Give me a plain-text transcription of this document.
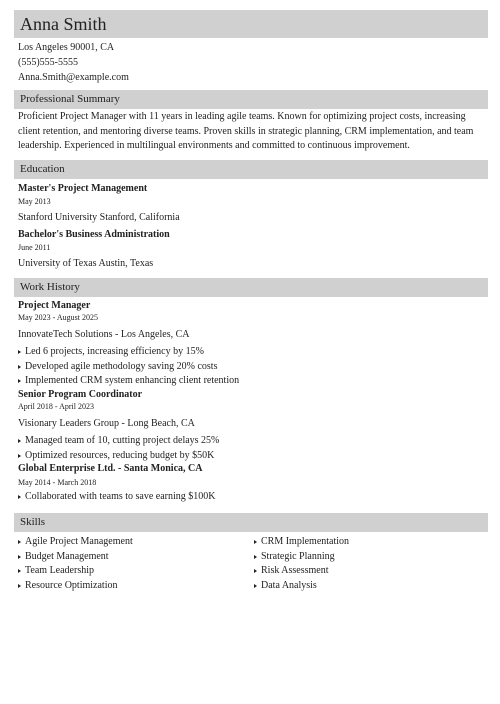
Anna Smith
Los Angeles 90001, CA
(555)555-5555
Anna.Smith@example.com
Professional Summary
Proficient Project Manager with 11 years in leading agile teams. Known for optimizing project costs, increasing client retention, and mentoring diverse teams. Proven skills in strategic planning, CRM implementation, and team leadership. Experienced in multilingual environments and committed to continuous improvement.
Education
Master's Project Management
May 2013
Stanford University Stanford, California
Bachelor's Business Administration
June 2011
University of Texas Austin, Texas
Work History
Project Manager
May 2023 - August 2025
InnovateTech Solutions - Los Angeles, CA
Led 6 projects, increasing efficiency by 15%
Developed agile methodology saving 20% costs
Implemented CRM system enhancing client retention
Senior Program Coordinator
April 2018 - April 2023
Visionary Leaders Group - Long Beach, CA
Managed team of 10, cutting project delays 25%
Optimized resources, reducing budget by $50K
Global Enterprise Ltd. - Santa Monica, CA
May 2014 - March 2018
Collaborated with teams to save earning $100K
Skills
Agile Project Management
Budget Management
Team Leadership
Resource Optimization
CRM Implementation
Strategic Planning
Risk Assessment
Data Analysis
